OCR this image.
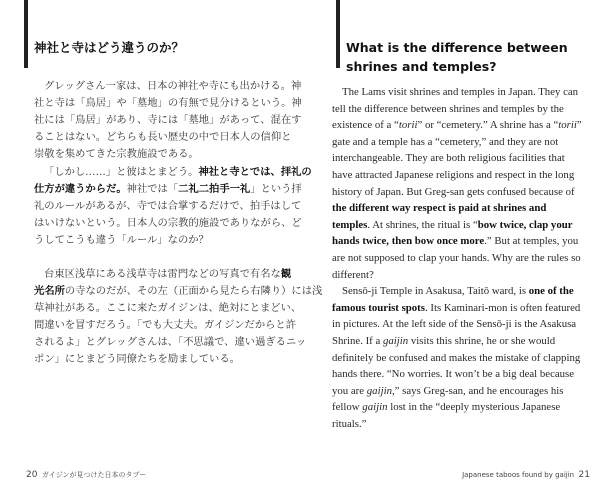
神社と寺はどう違うのか？
グレッグさん一家は、日本の神社や寺にも出かける。神
社と寺は「鳥居」や「墓地」の有無で見分けるという。神
社には「鳥居」があり、寺には「墓地」があって、混在す
ることはない。どちらも長い歴史の中で日本人の信仰と
崇敬を集めてきた宗教施設である。
「しかし……」と彼はとまどう。神社と寺とでは、拝礼の
仕方が違うからだ。神社では「二礼二拍手一礼」という拝
礼のルールがあるが、寺では合掌するだけで、拍手はして
はいけないという。日本人の宗教的施設でありながら、ど
うしてこうも違う「ルール」なのか？
台東区浅草にある浅草寺は雷門などの写真で有名な観
光名所の寺なのだが、その左（正面から見たら右隣り）には浅
草神社がある。ここに来たガイジンは、絶対にとまどい、
間違いを冒すだろう。「でも大丈夫。ガイジンだからと許
されるよ」とグレッグさんは、「不思議で、違い過ぎるニッ
ポン」にとまどう同僚たちを励ましている。
20 ガイジンが見つけた日本のタブー
What is the difference between shrines and temples?

The Lams visit shrines and temples in Japan. They can tell the difference between shrines and temples by the existence of a “torii” or “cemetery.” A shrine has a “torii” gate and a temple has a “cemetery,” and they are not interchangeable. They are both religious facilities that have attracted Japanese religions and respect in the long history of Japan. But Greg-san gets confused because of the different way respect is paid at shrines and temples. At shrines, the ritual is “bow twice, clap your hands twice, then bow once more.” But at temples, you are not supposed to clap your hands. Why are the rules so different?

Sensō-ji Temple in Asakusa, Taitō ward, is one of the famous tourist spots. Its Kaminari-mon is often featured in pictures. At the left side of the Sensō-ji is the Asakusa Shrine. If a gaijin visits this shrine, he or she would definitely be confused and makes the mistake of clapping hands there. “No worries. It won’t be a big deal because you are gaijin,” says Greg-san, and he encourages his fellow gaijin lost in the “deeply mysterious Japanese rituals.”

Japanese taboos found by gaijin 21
